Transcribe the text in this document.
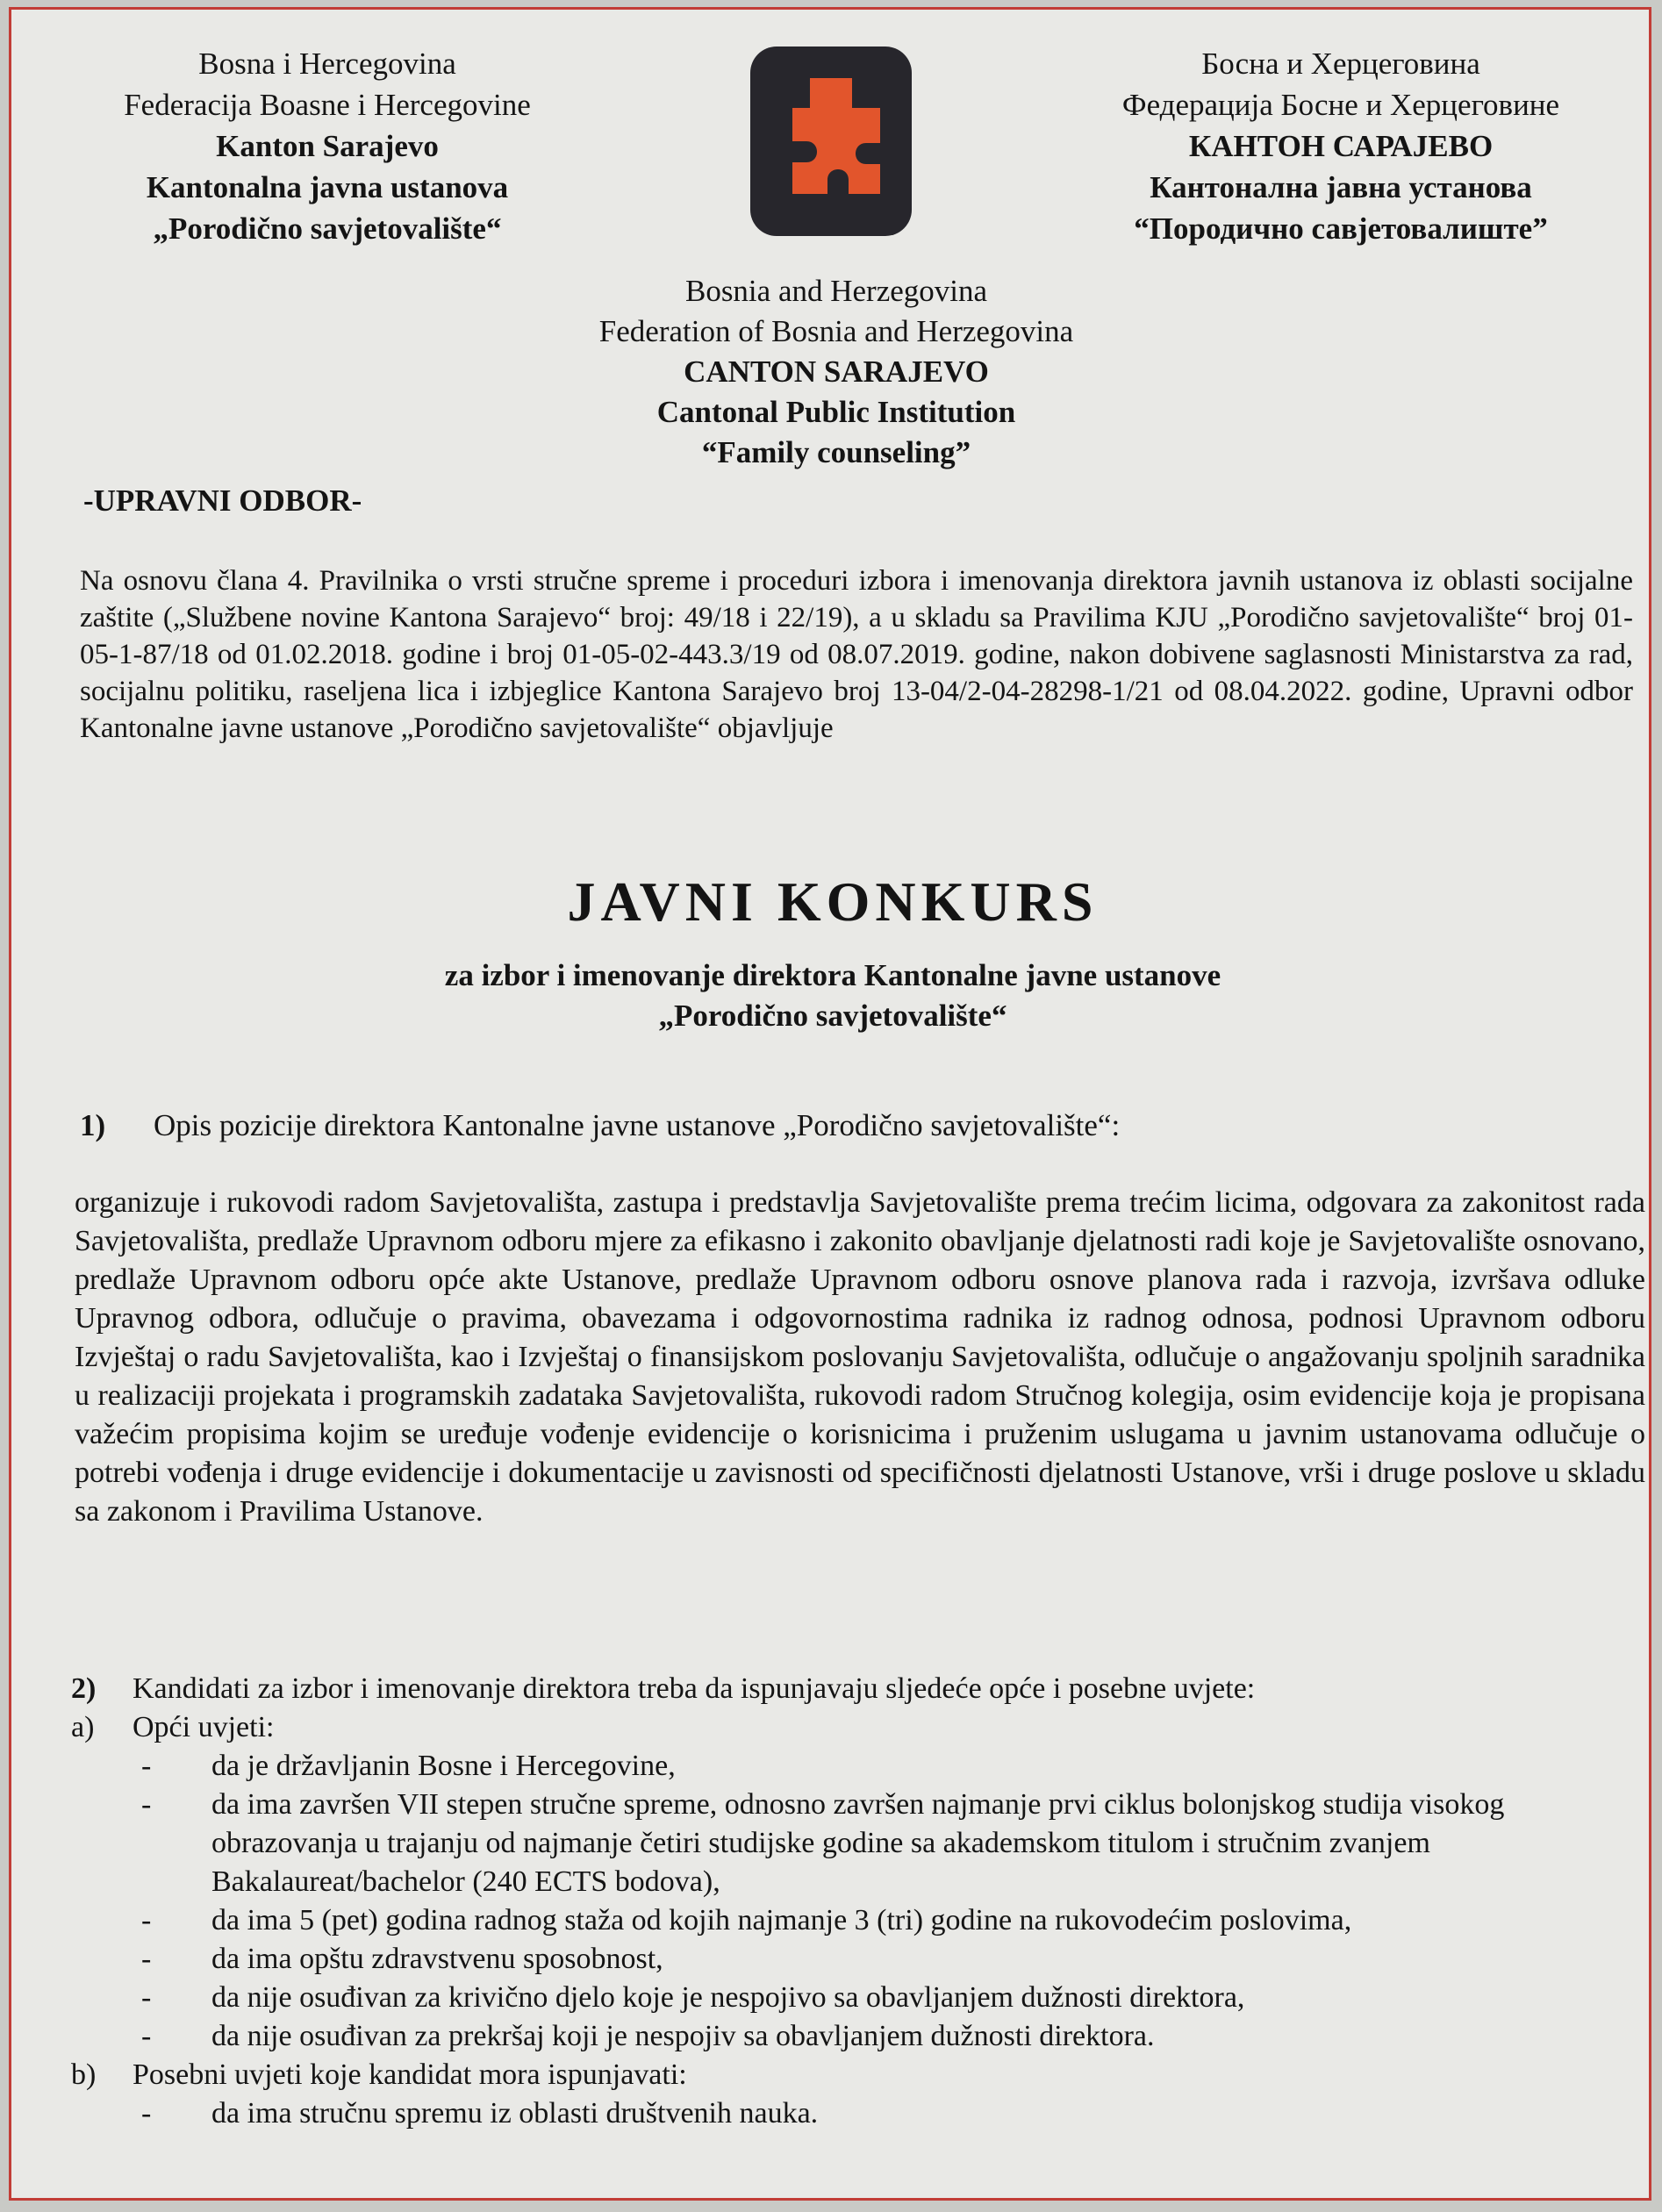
Bosna i Hercegovina
Federacija Boasne i Hercegovine
Kanton Sarajevo
Kantonalna javna ustanova
„Porodično savjetovalište“
Босна и Херцеговина
Федерација Босне и Херцеговине
КАНТОН САРАЈЕВО
Кантонална јавна установа
“Породично савјетовалиште”
Bosnia and Herzegovina
Federation of Bosnia and Herzegovina
CANTON SARAJEVO
Cantonal Public Institution
“Family counseling”
-UPRAVNI ODBOR-
Na osnovu člana 4. Pravilnika o vrsti stručne spreme i proceduri izbora i imenovanja direktora javnih ustanova iz oblasti socijalne zaštite („Službene novine Kantona Sarajevo“ broj: 49/18 i 22/19), a u skladu sa Pravilima KJU „Porodično savjetovalište“ broj 01-05-1-87/18 od 01.02.2018. godine i broj 01-05-02-443.3/19 od 08.07.2019. godine, nakon dobivene saglasnosti Ministarstva za rad, socijalnu politiku, raseljena lica i izbjeglice Kantona Sarajevo broj 13-04/2-04-28298-1/21 od 08.04.2022. godine, Upravni odbor Kantonalne javne ustanove „Porodično savjetovalište“ objavljuje
JAVNI KONKURS
za izbor i imenovanje direktora Kantonalne javne ustanove
„Porodično savjetovalište“
1) Opis pozicije direktora Kantonalne javne ustanove „Porodično savjetovalište“:
organizuje i rukovodi radom Savjetovališta, zastupa i predstavlja Savjetovalište prema trećim licima, odgovara za zakonitost rada Savjetovališta, predlaže Upravnom odboru mjere za efikasno i zakonito obavljanje djelatnosti radi koje je Savjetovalište osnovano, predlaže Upravnom odboru opće akte Ustanove, predlaže Upravnom odboru osnove planova rada i razvoja, izvršava odluke Upravnog odbora, odlučuje o pravima, obavezama i odgovornostima radnika iz radnog odnosa, podnosi Upravnom odboru Izvještaj o radu Savjetovališta, kao i Izvještaj o finansijskom poslovanju Savjetovališta, odlučuje o angažovanju spoljnih saradnika u realizaciji projekata i programskih zadataka Savjetovališta, rukovodi radom Stručnog kolegija, osim evidencije koja je propisana važećim propisima kojim se uređuje vođenje evidencije o korisnicima i pruženim uslugama u javnim ustanovama odlučuje o potrebi vođenja i druge evidencije i dokumentacije u zavisnosti od specifičnosti djelatnosti Ustanove, vrši i druge poslove u skladu sa zakonom i Pravilima Ustanove.
2) Kandidati za izbor i imenovanje direktora treba da ispunjavaju sljedeće opće i posebne uvjete:
a) Opći uvjeti:
- da je državljanin Bosne i Hercegovine,
- da ima završen VII stepen stručne spreme, odnosno završen najmanje prvi ciklus bolonjskog studija visokog obrazovanja u trajanju od najmanje četiri studijske godine sa akademskom titulom i stručnim zvanjem Bakalaureat/bachelor (240 ECTS bodova),
- da ima 5 (pet) godina radnog staža od kojih najmanje 3 (tri) godine na rukovodećim poslovima,
- da ima opštu zdravstvenu sposobnost,
- da nije osuđivan za krivično djelo koje je nespojivo sa obavljanjem dužnosti direktora,
- da nije osuđivan za prekršaj koji je nespojiv sa obavljanjem dužnosti direktora.
b) Posebni uvjeti koje kandidat mora ispunjavati:
- da ima stručnu spremu iz oblasti društvenih nauka.
